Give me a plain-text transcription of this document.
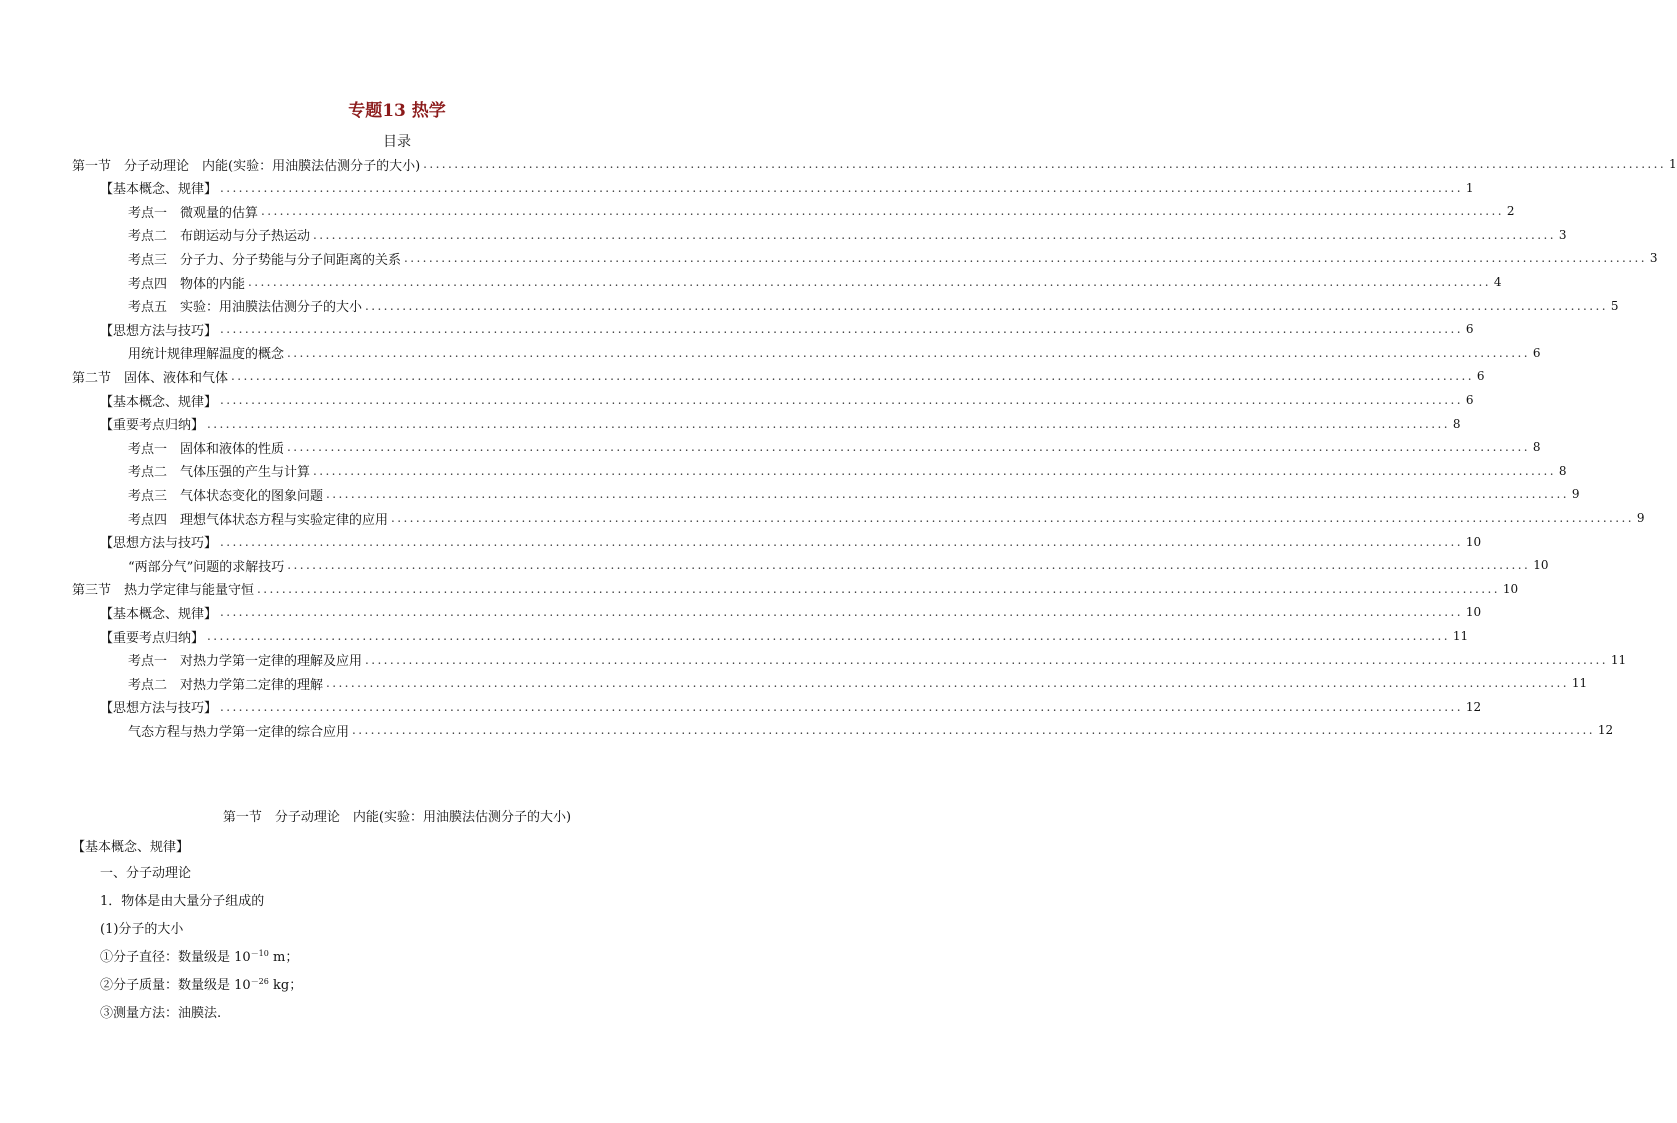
专题13 热学
目录
第一节　分子动理论　内能(实验：用油膜法估测分子的大小) ........................................................................................................................................................................................................ 1
【基本概念、规律】 ........................................................................................................................................................................................................ 1
考点一　微观量的估算 ........................................................................................................................................................................................................ 2
考点二　布朗运动与分子热运动 ........................................................................................................................................................................................................ 3
考点三　分子力、分子势能与分子间距离的关系 ........................................................................................................................................................................................................ 3
考点四　物体的内能 ........................................................................................................................................................................................................ 4
考点五　实验：用油膜法估测分子的大小 ........................................................................................................................................................................................................ 5
【思想方法与技巧】 ........................................................................................................................................................................................................ 6
用统计规律理解温度的概念 ........................................................................................................................................................................................................ 6
第二节　固体、液体和气体 ........................................................................................................................................................................................................ 6
【基本概念、规律】 ........................................................................................................................................................................................................ 6
【重要考点归纳】 ........................................................................................................................................................................................................ 8
考点一　固体和液体的性质 ........................................................................................................................................................................................................ 8
考点二　气体压强的产生与计算 ........................................................................................................................................................................................................ 8
考点三　气体状态变化的图象问题 ........................................................................................................................................................................................................ 9
考点四　理想气体状态方程与实验定律的应用 ........................................................................................................................................................................................................ 9
【思想方法与技巧】 ........................................................................................................................................................................................................ 10
“两部分气”问题的求解技巧 ........................................................................................................................................................................................................ 10
第三节　热力学定律与能量守恒 ........................................................................................................................................................................................................ 10
【基本概念、规律】 ........................................................................................................................................................................................................ 10
【重要考点归纳】 ........................................................................................................................................................................................................ 11
考点一　对热力学第一定律的理解及应用 ........................................................................................................................................................................................................ 11
考点二　对热力学第二定律的理解 ........................................................................................................................................................................................................ 11
【思想方法与技巧】 ........................................................................................................................................................................................................ 12
气态方程与热力学第一定律的综合应用 ........................................................................................................................................................................................................ 12
第一节　分子动理论　内能(实验：用油膜法估测分子的大小)
【基本概念、规律】
一、分子动理论
1．物体是由大量分子组成的
(1)分子的大小
①分子直径：数量级是 $10^{-10}$ m；
②分子质量：数量级是 $10^{-26}$ kg；
③测量方法：油膜法.
